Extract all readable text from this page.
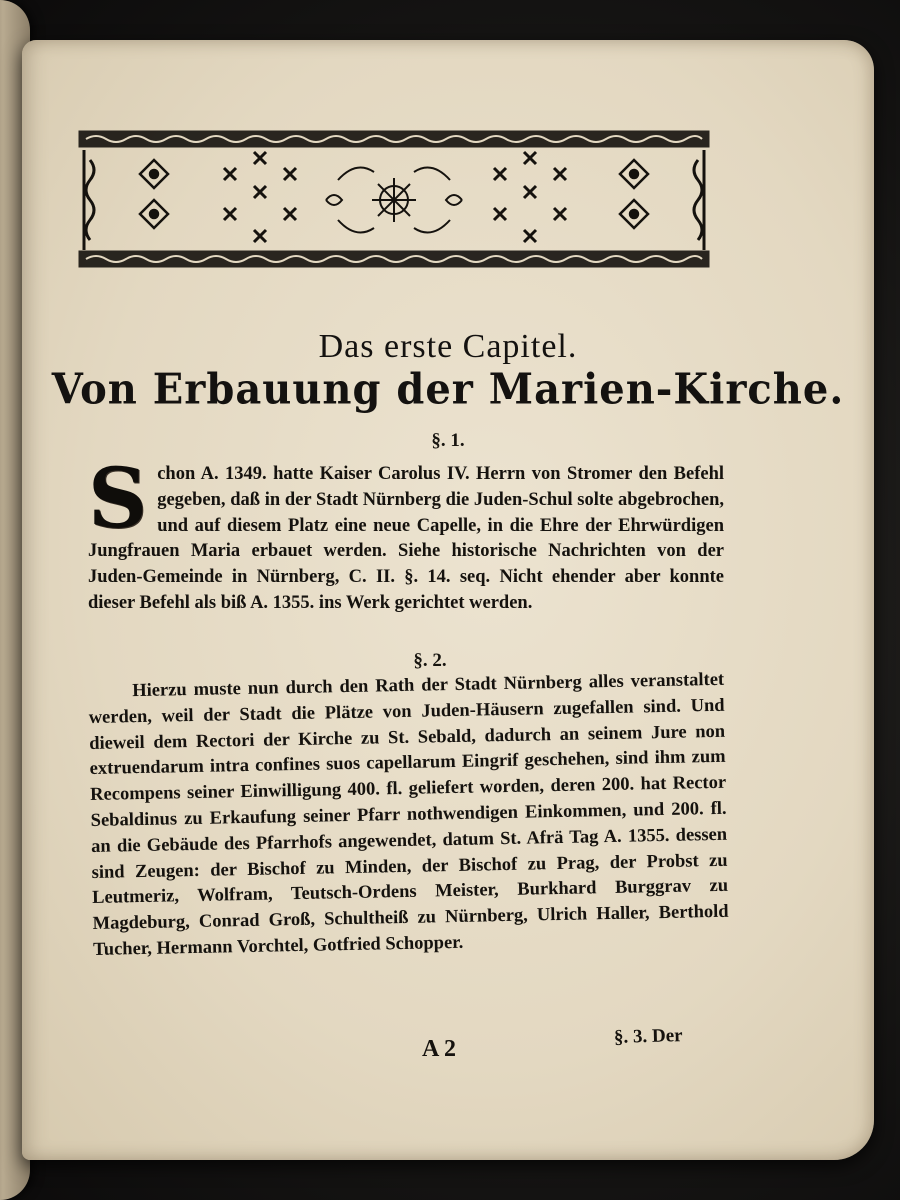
Das erste Capitel.
Von Erbauung der Marien-Kirche.
§. 1.
S chon A. 1349. hatte Kaiser Carolus IV. Herrn von Stromer den Befehl gegeben, daß in der Stadt Nürnberg die Juden-Schul solte abgebrochen, und auf diesem Platz eine neue Capelle, in die Ehre der Ehrwürdigen Jungfrauen Maria erbauet werden. Siehe historische Nachrichten von der Juden-Gemeinde in Nürnberg, C. II. §. 14. seq. Nicht ehender aber konnte dieser Befehl als biß A. 1355. ins Werk gerichtet werden.
§. 2.
Hierzu muste nun durch den Rath der Stadt Nürnberg alles veranstaltet werden, weil der Stadt die Plätze von Juden-Häusern zugefallen sind. Und dieweil dem Rectori der Kirche zu St. Sebald, dadurch an seinem Jure non extruendarum intra confines suos capellarum Eingrif geschehen, sind ihm zum Recompens seiner Einwilligung 400. fl. geliefert worden, deren 200. hat Rector Sebaldinus zu Erkaufung seiner Pfarr nothwendigen Einkommen, und 200. fl. an die Gebäude des Pfarrhofs angewendet, datum St. Afrä Tag A. 1355. dessen sind Zeugen: der Bischof zu Minden, der Bischof zu Prag, der Probst zu Leutmeriz, Wolfram, Teutsch-Ordens Meister, Burkhard Burggrav zu Magdeburg, Conrad Groß, Schultheiß zu Nürnberg, Ulrich Haller, Berthold Tucher, Hermann Vorchtel, Gotfried Schopper.
A 2	§. 3. Der
